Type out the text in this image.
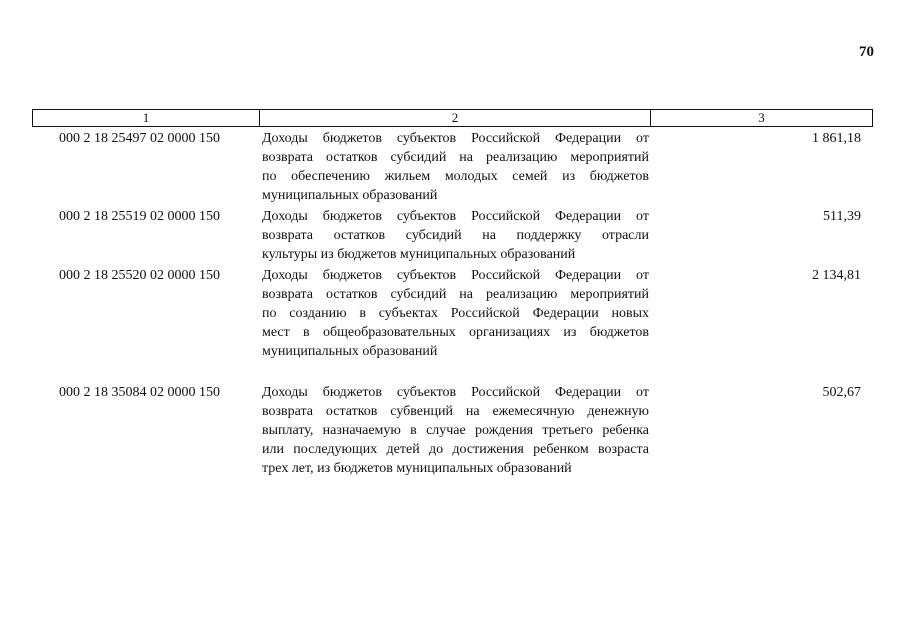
70
1	2	3
000 2 18 25497 02 0000 150	Доходы бюджетов субъектов Российской Федерации от
возврата остатков субсидий на реализацию мероприятий
по обеспечению жильем молодых семей из бюджетов
муниципальных образований
1 861,18
000 2 18 25519 02 0000 150	Доходы бюджетов субъектов Российской Федерации от
возврата остатков субсидий на поддержку отрасли
культуры из бюджетов муниципальных образований
511,39
000 2 18 25520 02 0000 150	Доходы бюджетов субъектов Российской Федерации от
возврата остатков субсидий на реализацию мероприятий
по созданию в субъектах Российской Федерации новых
мест в общеобразовательных организациях из бюджетов
муниципальных образований
2 134,81
000 2 18 35084 02 0000 150	Доходы бюджетов субъектов Российской Федерации от
возврата остатков субвенций на ежемесячную денежную
выплату, назначаемую в случае рождения третьего ребенка
или последующих детей до достижения ребенком возраста
трех лет, из бюджетов муниципальных образований
502,67
